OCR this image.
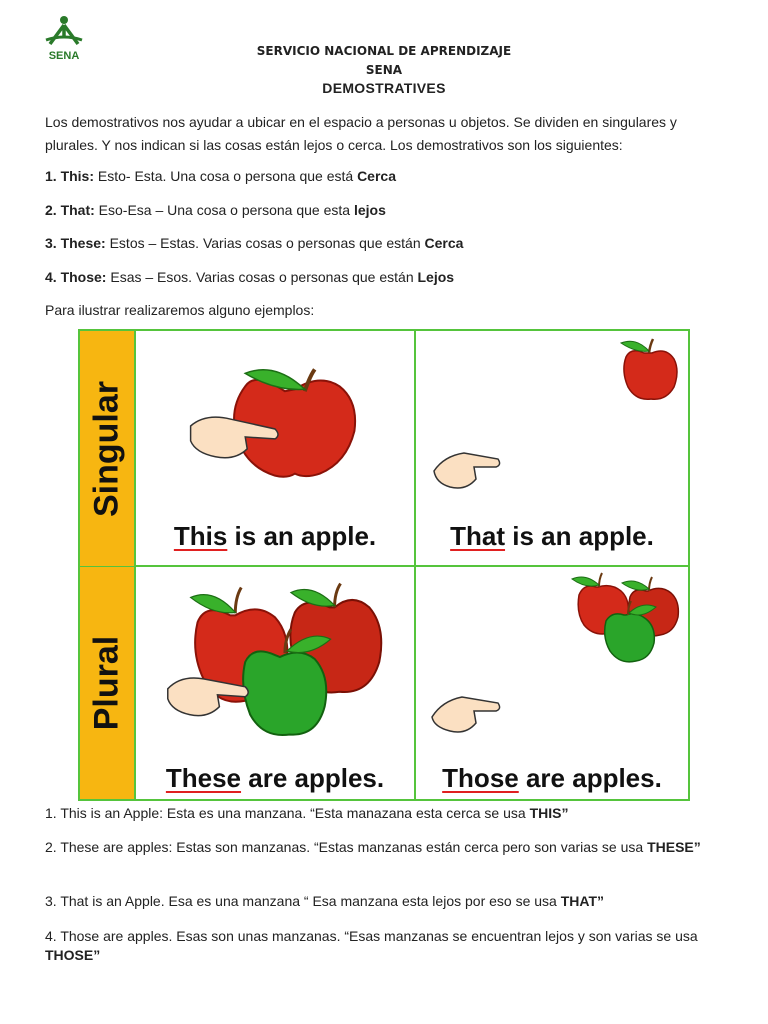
SENA	SERVICIO NACIONAL DE APRENDIZAJE
SENA
DEMOSTRATIVES
Los demostrativos nos ayudar a ubicar en el espacio a personas u objetos. Se dividen en singulares y plurales. Y nos indican si las cosas están lejos o cerca. Los demostrativos son los siguientes:
1. This: Esto- Esta. Una cosa o persona que está Cerca
2. That: Eso-Esa – Una cosa o persona que esta lejos
3. These: Estos – Estas. Varias cosas o personas que están Cerca
4. Those: Esas – Esos. Varias cosas o personas que están Lejos
Para ilustrar realizaremos alguno ejemplos:
Singular
Plural
This is an apple.	That is an apple.
These are apples.	Those are apples.
1. This is an Apple: Esta es una manzana. “Esta manazana esta cerca se usa THIS”
2. These are apples: Estas son manzanas. “Estas manzanas están cerca pero son varias se usa THESE”
3. That is an Apple. Esa es una manzana “ Esa manzana esta lejos por eso se usa THAT”
4. Those are apples. Esas son unas manzanas. “Esas manzanas se encuentran lejos y son varias se usa THOSE”
